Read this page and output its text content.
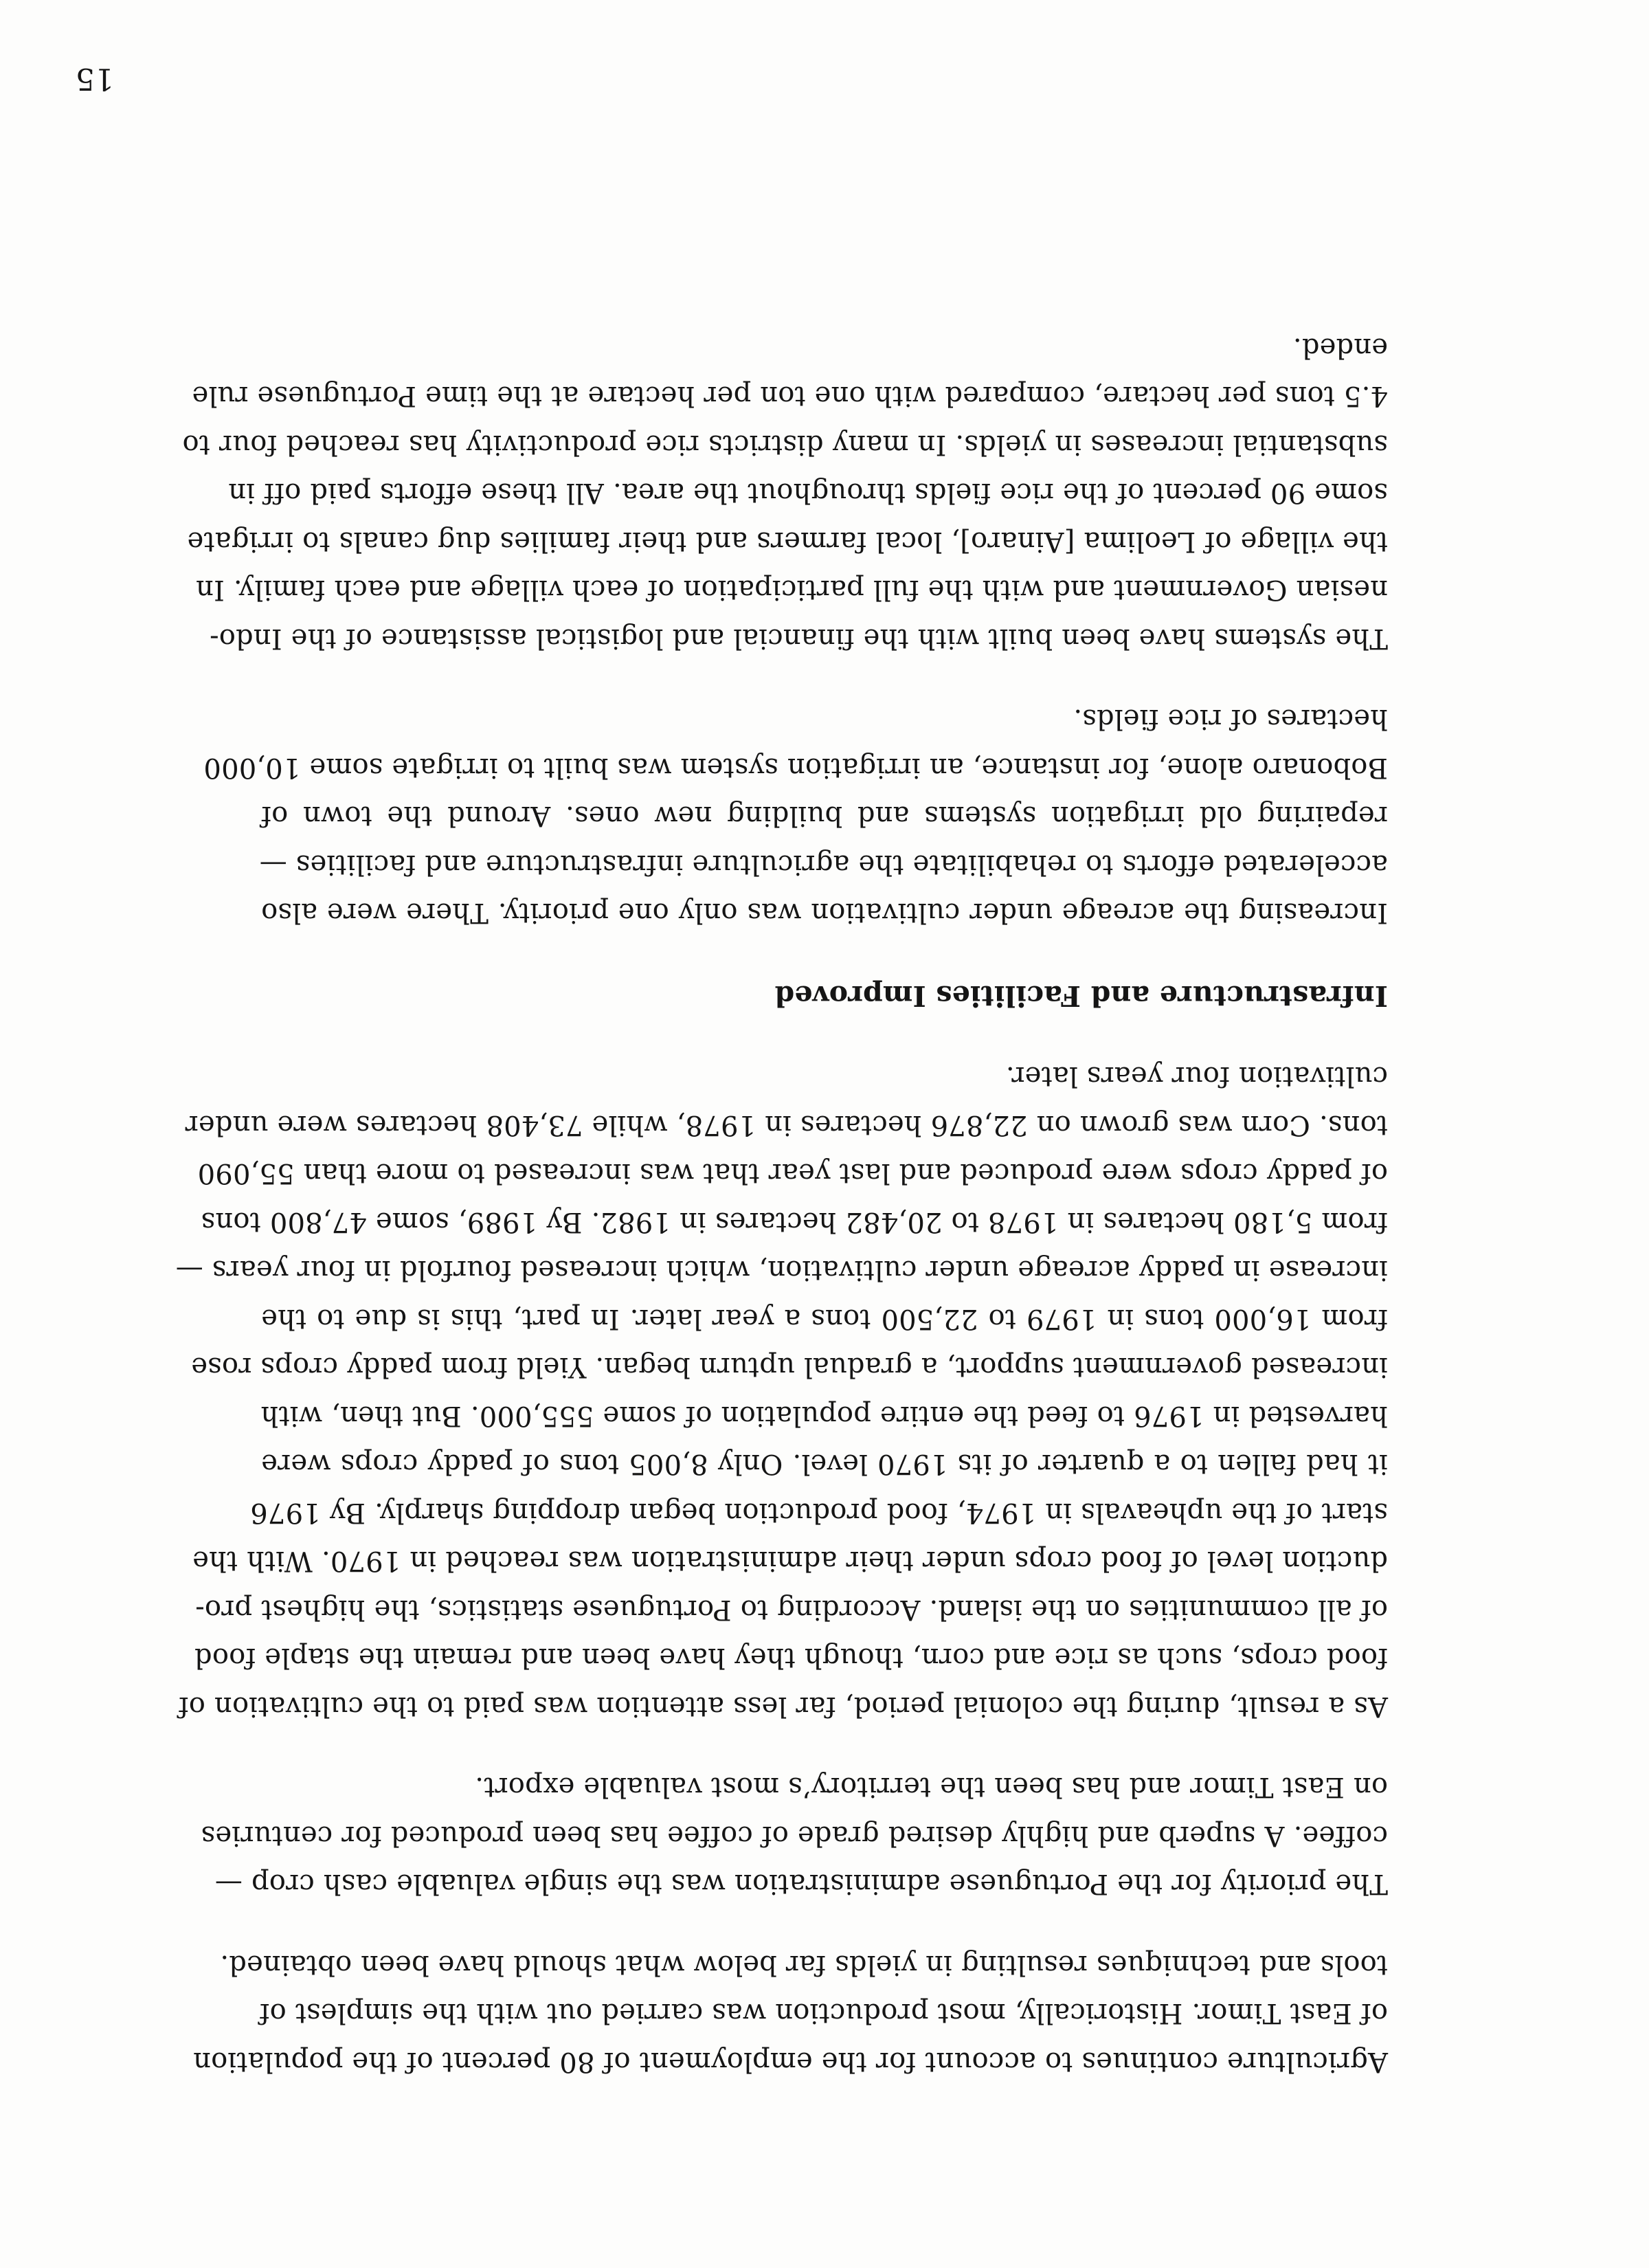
Agriculture continues to account for the employment of 80 percent of the population
of East Timor. Historically, most production was carried out with the simplest of
tools and techniques resulting in yields far below what should have been obtained.
The priority for the Portuguese administration was the single valuable cash crop —
coffee. A superb and highly desired grade of coffee has been produced for centuries
on East Timor and has been the territory’s most valuable export.
As a result, during the colonial period, far less attention was paid to the cultivation of
food crops, such as rice and corn, though they have been and remain the staple food
of all communities on the island. According to Portuguese statistics, the highest pro-
duction level of food crops under their administration was reached in 1970. With the
start of the upheavals in 1974, food production began dropping sharply. By 1976
it had fallen to a quarter of its 1970 level. Only 8,005 tons of paddy crops were
harvested in 1976 to feed the entire population of some 555,000. But then, with
increased government support, a gradual upturn began. Yield from paddy crops rose
from 16,000 tons in 1979 to 22,500 tons a year later. In part, this is due to the
increase in paddy acreage under cultivation, which increased fourfold in four years —
from 5,180 hectares in 1978 to 20,482 hectares in 1982. By 1989, some 47,800 tons
of paddy crops were produced and last year that was increased to more than 55,090
tons. Corn was grown on 22,876 hectares in 1978, while 73,408 hectares were under
cultivation four years later.
Infrastructure and Facilities Improved
Increasing the acreage under cultivation was only one priority. There were also
accelerated efforts to rehabilitate the agriculture infrastructure and facilities —
repairing old irrigation systems and building new ones. Around the town of
Bobonaro alone, for instance, an irrigation system was built to irrigate some 10,000
hectares of rice fields.
The systems have been built with the financial and logistical assistance of the Indo-
nesian Government and with the full participation of each village and each family. In
the village of Leolima [Ainaro], local farmers and their families dug canals to irrigate
some 90 percent of the rice fields throughout the area. All these efforts paid off in
substantial increases in yields. In many districts rice productivity has reached four to
4.5 tons per hectare, compared with one ton per hectare at the time Portuguese rule
ended.
15
